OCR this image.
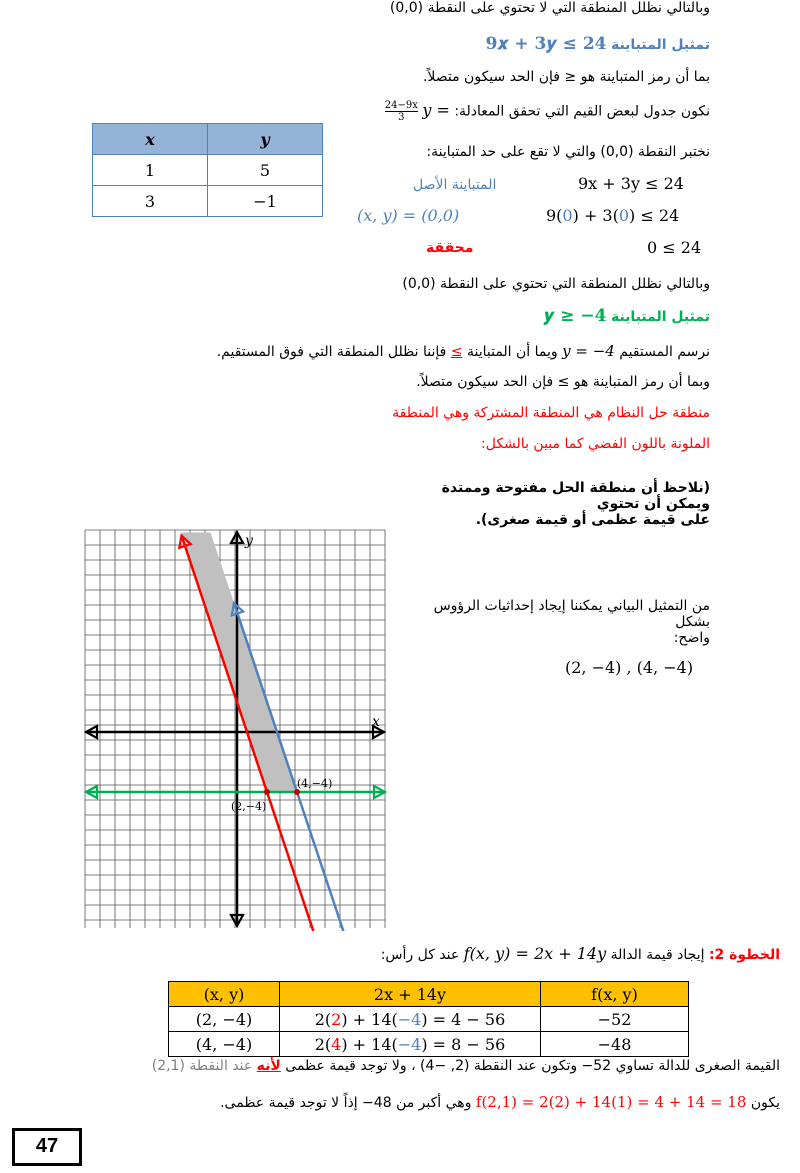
وبالتالي نظلل المنطقة التي لا تحتوي على النقطة (0,0)
تمثيل المتباينة 9𝒙 + 3𝒚 ≤ 24
بما أن رمز المتباينة هو ≤ فإن الحد سيكون متصلاً.
نكون جدول لبعض القيم التي تحقق المعادلة: y =
$\frac{24-9x}{3}$
نختبر النقطة (0,0) والتي لا تقع على حد المتباينة:
x	y
1	5
3	−1
9x + 3y ≤ 24
المتباينة الأصل
9(0) + 3(0) ≤ 24
(x, y) = (0,0)
0 ≤ 24
محققة
وبالتالي نظلل المنطقة التي تحتوي على النقطة (0,0)
تمثيل المتباينة 𝒚 ≥ −4
نرسم المستقيم y = −4 ويما أن المتباينة ≥ فإننا نظلل المنطقة التي فوق المستقيم.
وبما أن رمز المتباينة هو ≥ فإن الحد سيكون متصلاً.
منطقة حل النظام هي المنطقة المشتركة وهي المنطقة
الملونة باللون الفضي كما مبين بالشكل:
(نلاحظ أن منطقة الحل مفتوحة وممتدة ويمكن أن تحتوي
على قيمة عظمى أو قيمة صغرى).
من التمثيل البياني يمكننا إيجاد إحداثيات الرؤوس بشكل
واضح:
(2, −4) , (4, −4)
(2,−4)
(4,−4)
y
x
الخطوة 2: إيجاد قيمة الدالة f(x, y) = 2x + 14y عند كل رأس:
(x, y)	2x + 14y	f(x, y)
(2, −4)	2(2) + 14(−4) = 4 − 56	−52
(4, −4)	2(4) + 14(−4) = 8 − 56	−48
القيمة الصغرى للدالة تساوي 52− وتكون عند النقطة (2, −4) ، ولا توجد قيمة عظمى لأنه عند النقطة (2,1)
يكون f(2,1) = 2(2) + 14(1) = 4 + 14 = 18 وهي أكبر من 48− إذاً لا توجد قيمة عظمى.
47
